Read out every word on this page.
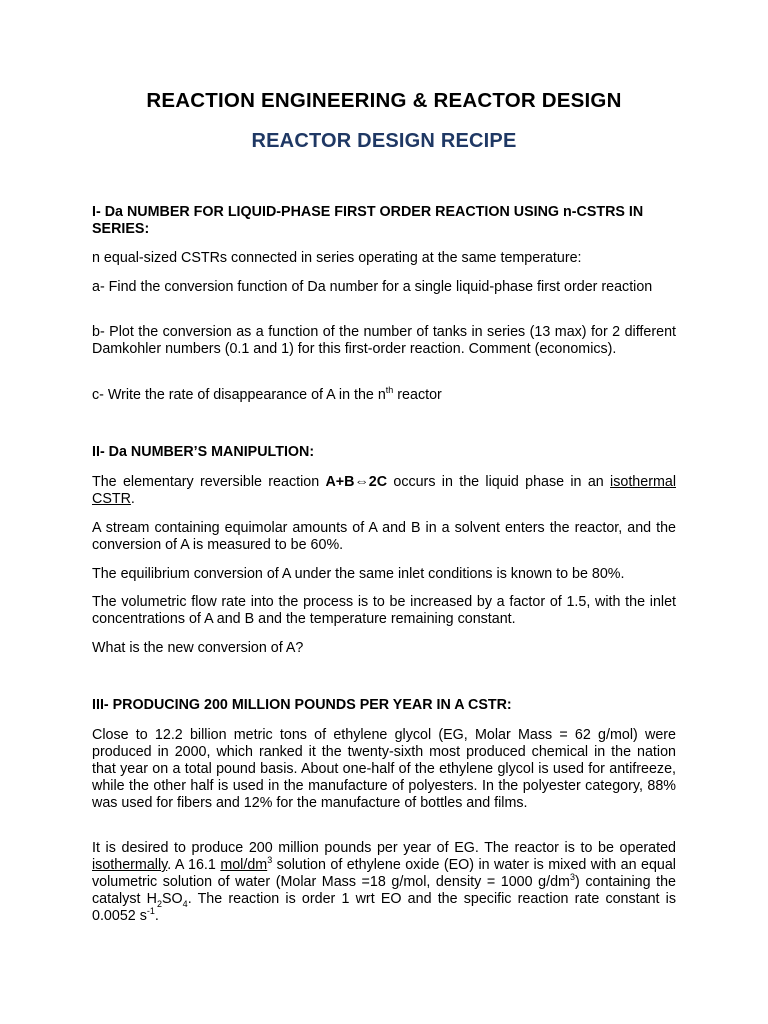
REACTION ENGINEERING & REACTOR DESIGN
REACTOR DESIGN RECIPE
I- Da NUMBER FOR LIQUID-PHASE FIRST ORDER REACTION USING n-CSTRS IN SERIES:
n equal-sized CSTRs connected in series operating at the same temperature:
a- Find the conversion function of Da number for a single liquid-phase first order reaction
b- Plot the conversion as a function of the number of tanks in series (13 max) for 2 different Damkohler numbers (0.1 and 1) for this first-order reaction. Comment (economics).
c- Write the rate of disappearance of A in the $n^{th}$ reactor
II- Da NUMBER’S MANIPULTION:
The elementary reversible reaction A+B⇔2C occurs in the liquid phase in an isothermal CSTR.
A stream containing equimolar amounts of A and B in a solvent enters the reactor, and the conversion of A is measured to be 60%.
The equilibrium conversion of A under the same inlet conditions is known to be 80%.
The volumetric flow rate into the process is to be increased by a factor of 1.5, with the inlet concentrations of A and B and the temperature remaining constant.
What is the new conversion of A?
III- PRODUCING 200 MILLION POUNDS PER YEAR IN A CSTR:
Close to 12.2 billion metric tons of ethylene glycol (EG, Molar Mass = 62 g/mol) were produced in 2000, which ranked it the twenty-sixth most produced chemical in the nation that year on a total pound basis. About one-half of the ethylene glycol is used for antifreeze, while the other half is used in the manufacture of polyesters. In the polyester category, 88% was used for fibers and 12% for the manufacture of bottles and films.
It is desired to produce 200 million pounds per year of EG. The reactor is to be operated isothermally. A 16.1 mol/$dm^3$ solution of ethylene oxide (EO) in water is mixed with an equal volumetric solution of water (Molar Mass =18 g/mol, density = 1000 $g/dm^3$) containing the catalyst $H_2SO_4$. The reaction is order 1 wrt EO and the specific reaction rate constant is 0.0052 $s^{-1}$.
